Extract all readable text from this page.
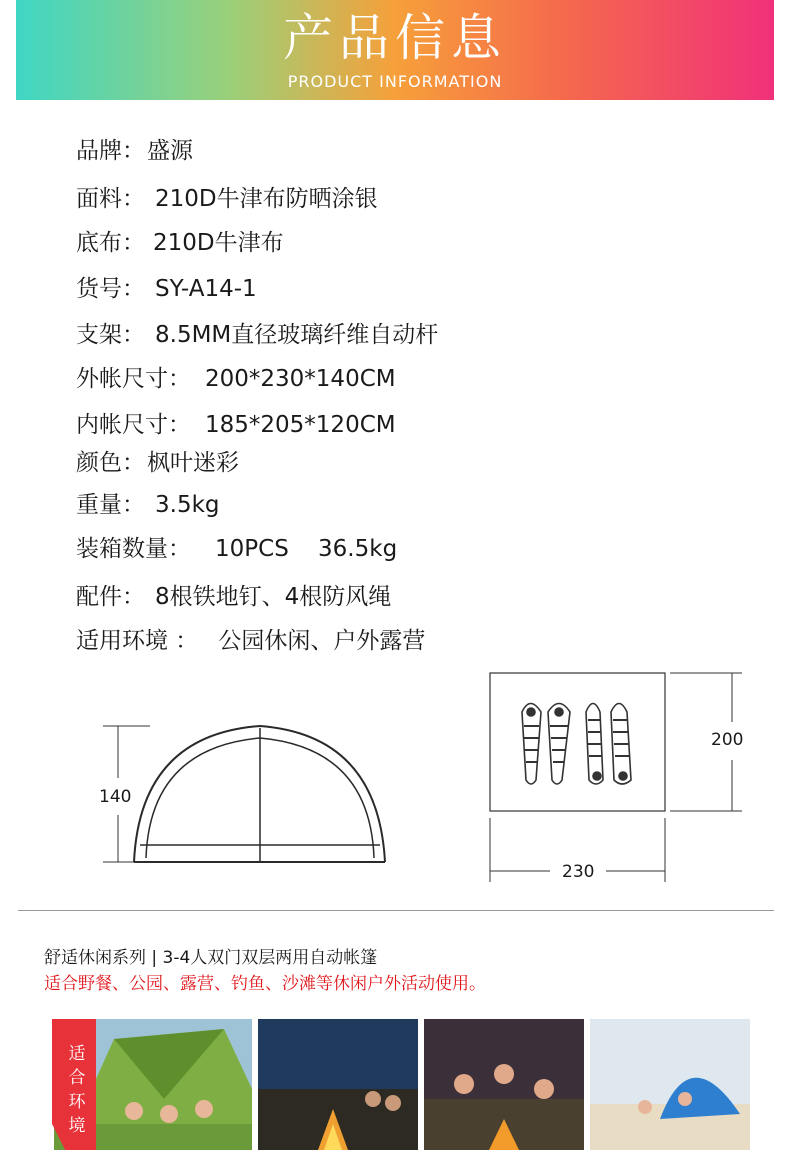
产品信息
PRODUCT INFORMATION
品牌：盛源
面料： 210D牛津布防晒涂银
底布： 210D牛津布
货号： SY-A14-1
支架： 8.5MM直径玻璃纤维自动杆
外帐尺寸： 200*230*140CM
内帐尺寸： 185*205*120CM
颜色：枫叶迷彩
重量： 3.5kg
装箱数量： 10PCS    36.5kg
配件： 8根铁地钉、4根防风绳
适用环境 ： 公园休闲、户外露营
140
200
230
舒适休闲系列 | 3-4人双门双层两用自动帐篷
适合野餐、公园、露营、钓鱼、沙滩等休闲户外活动使用。
适合环境
